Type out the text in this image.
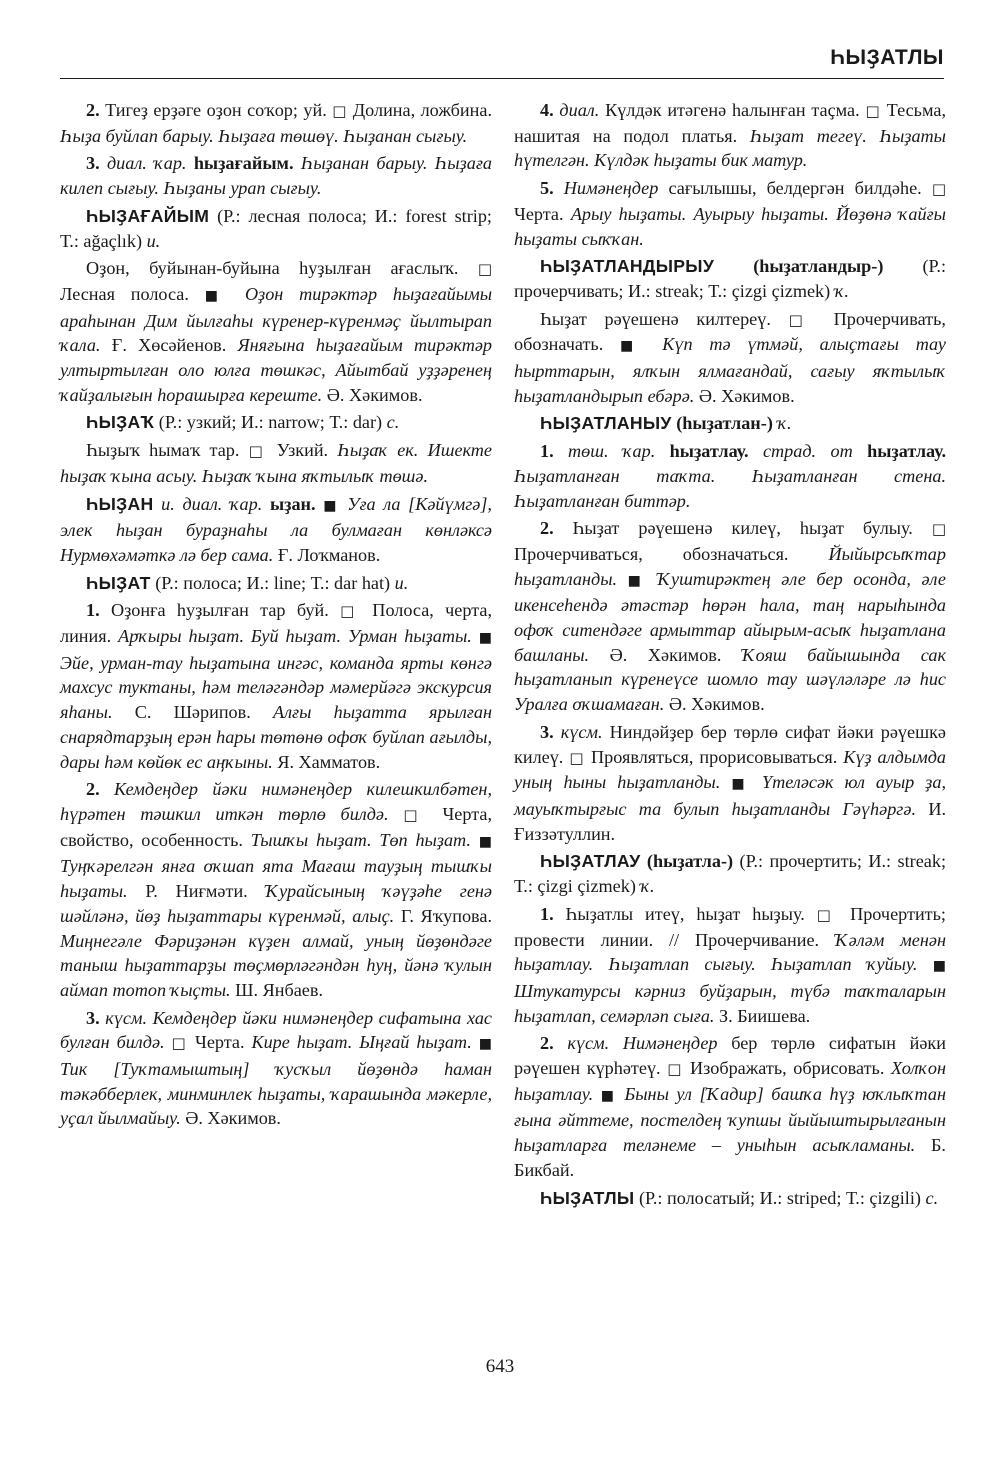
ҺЫҘАТЛЫ

2. Тигеҙ ерҙәге оҙон соҡор; уй. □ Долина, ложбина. Һыҙа буйлап барыу. Һыҙаға төшөү. Һыҙанан сығыу.

3. диал. ҡар. һыҙағайым. Һыҙанан барыу. Һыҙаға килеп сығыу. Һыҙаны урап сығыу.

ҺЫҘАҒАЙЫМ (Р.: лесная полоса; И.: forest strip; Т.: ağaçlık) и.

Оҙон, буйынан-буйына һуҙылған ағаслыҡ. □ Лесная полоса. ■ Оҙон тирәктәр һыҙағайымы араһынан Дим йылғаһы күренер-күренмәҫ йылтырап ҡала. Ғ. Хөсәйенов. Яняғына һыҙағайым тирәктәр ултыртылған оло юлға төшкәс, Айытбай уҙҙәренең ҡайҙалығын һорашырға кереште. Ә. Хәкимов.

ҺЫҘАҠ (Р.: узкий; И.: narrow; Т.: dar) с.

Һыҙыҡ һымаҡ тар. □ Узкий. Һыҙаҡ ек. Ишекте һыҙаҡ ҡына асыу. Һыҙаҡ ҡына яҡтылыҡ төшә.

ҺЫҘАН и. диал. ҡар. ыҙан. ■ Уға ла [Кәйүмгә], элек һыҙан бураҙнаһы ла булмаған көнләксә Нурмөхәмәткә лә бер сама. Ғ. Лоҡманов.

ҺЫҘАТ (Р.: полоса; И.: line; Т.: dar hat) и.

1. Оҙонға һуҙылған тар буй. □ Полоса, черта, линия. Арҡыры һыҙат. Буй һыҙат. Урман һыҙаты. ■ Эйе, урман-тау һыҙатына ингәс, команда ярты көнгә махсус туктаны, һәм теләгәндәр мәмерйәгә экскурсия яһаны. С. Шәрипов. Алғы һыҙатта ярылған снарядтарҙың ерән һары төтөнө офоҡ буйлап ағылды, дары һәм көйөк ес аңҡыны. Я. Хамматов.

2. Кемдеңдер йәки нимәнеңдер килешкилбәтен, һүрәтен тәшкил иткән төрлө билдә. □ Черта, свойство, особенность. Тышҡы һыҙат. Төп һыҙат. ■ Туңҡәрелгән янға оҡшап ята Мағаш тауҙың тышҡы һыҙаты. Р. Ниғмәти. Ҡурайсының ҡәүҙәһе генә шәйләнә, йөҙ һыҙаттары күренмәй, алыҫ. Г. Яҡупова. Миңнегәле Фәриҙәнән күҙен алмай, уның йөҙөндәге таныш һыҙаттарҙы төҫмөрләгәндән һуң, йәнә ҡулын аймап тотоп ҡыҫты. Ш. Янбаев.

3. күсм. Кемдеңдер йәки нимәнеңдер сифатына хас булған билдә. □ Черта. Кире һыҙат. Ыңғай һыҙат. ■ Тик [Туҡтамыштың] ҡусҡыл йөҙөндә һаман тәкәбберлек, минминлек һыҙаты, ҡарашында мәкерле, уҫал йылмайыу. Ә. Хәкимов.

4. диал. Күлдәк итәгенә һалынған таҫма. □ Тесьма, нашитая на подол платья. Һыҙат тегеү. Һыҙаты һүтелгән. Күлдәк һыҙаты бик матур.

5. Нимәнеңдер сағылышы, белдергән билдәһе. □ Черта. Арыу һыҙаты. Ауырыу һыҙаты. Йөҙөнә ҡайғы һыҙаты сыҡҡан.

ҺЫҘАТЛАНДЫРЫУ (һыҙатландыр-) (Р.: прочерчивать; И.: streak; Т.: çizgi çizmek) ҡ.

Һыҙат рәүешенә килтереү. □ Прочерчивать, обозначать. ■ Күп тә үтмәй, алыҫтағы тау һырттарын, ялҡын ялмағандай, сағыу яҡтылыҡ һыҙатландырып ебәрә. Ә. Хәкимов.

ҺЫҘАТЛАНЫУ (һыҙатлан-) ҡ.

1. төш. ҡар. һыҙатлау. страд. от һыҙатлау. Һыҙатланған таҡта. Һыҙатланған стена. Һыҙатланған биттәр.

2. Һыҙат рәүешенә килеү, һыҙат булыу. □ Прочерчиваться, обозначаться. Йыйырсыҡтар һыҙатланды. ■ Ҡуштирәктең әле бер осонда, әле икенсеһендә әтәстәр һөрән һала, таң нарыһында офоҡ ситендәге армыттар айырым-асыҡ һыҙатлана башланы. Ә. Хәкимов. Ҡояш байышында сак һыҙатланып күренеүсе шомло тау шәүләләре лә һис Уралға оҡшамаған. Ә. Хәкимов.

3. күсм. Ниндәйҙер бер төрлө сифат йәки рәүешкә килеү. □ Проявляться, прорисовываться. Күҙ алдымда уның һыны һыҙатланды. ■ Үтеләсәк юл ауыр ҙа, мауыҡтырғыс та булып һыҙатланды Гәүһәргә. И. Ғиззәтуллин.

ҺЫҘАТЛАУ (һыҙатла-) (Р.: прочертить; И.: streak; Т.: çizgi çizmek) ҡ.

1. Һыҙатлы итеү, һыҙат һыҙыу. □ Прочертить; провести линии. // Прочерчивание. Ҡәләм менән һыҙатлау. Һыҙатлап сығыу. Һыҙатлап ҡуйыу. ■ Штукатурсы кәрниз буйҙарын, түбә таҡталарын һыҙатлап, семәрләп сыға. З. Биишева.

2. күсм. Нимәнеңдер бер төрлө сифатын йәки рәүешен күрһәтеү. □ Изображать, обрисовать. Холҡон һыҙатлау. ■ Быны ул [Ҡадир] башҡа һүҙ юҡлыҡтан ғына әйттеме, постелдең ҡупшы йыйыштырылғанын һыҙатларға теләнеме – уныһын асыҡламаны. Б. Бикбай.

ҺЫҘАТЛЫ (Р.: полосатый; И.: striped; Т.: çizgili) с.

643
